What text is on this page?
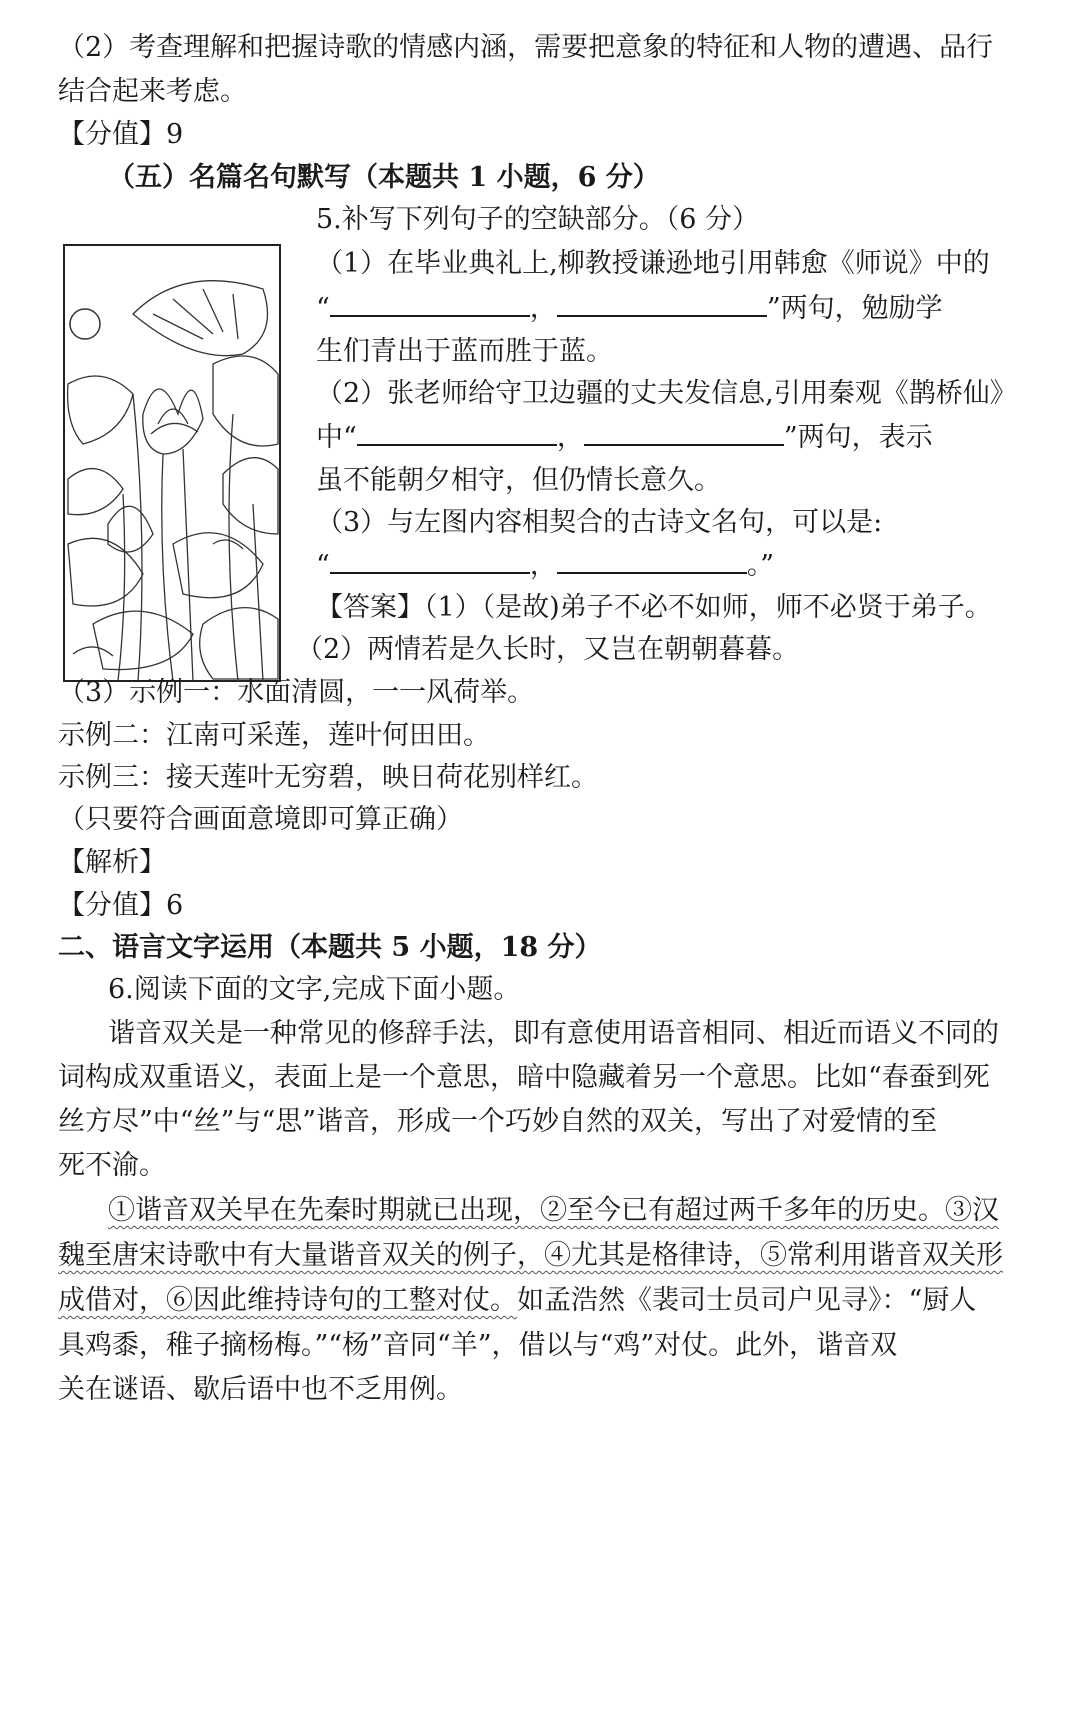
（2）考查理解和把握诗歌的情感内涵，需要把意象的特征和人物的遭遇、品行
结合起来考虑。
【分值】9
（五）名篇名句默写（本题共 1 小题，6 分）
5.补写下列句子的空缺部分。（6 分）
（1）在毕业典礼上,柳教授谦逊地引用韩愈《师说》中的
“	，	”两句，勉励学
生们青出于蓝而胜于蓝。
（2）张老师给守卫边疆的丈夫发信息,引用秦观《鹊桥仙》
中“	，	”两句，表示
虽不能朝夕相守，但仍情长意久。
（3）与左图内容相契合的古诗文名句，可以是:
“	，	。”
【答案】（1）（是故)弟子不必不如师，师不必贤于弟子。
（2）两情若是久长时，又岂在朝朝暮暮。
（3）示例一：水面清圆，一一风荷举。
示例二：江南可采莲，莲叶何田田。
示例三：接天莲叶无穷碧，映日荷花别样红。
（只要符合画面意境即可算正确）
【解析】
【分值】6
二、语言文字运用（本题共 5 小题，18 分）
6.阅读下面的文字,完成下面小题。
谐音双关是一种常见的修辞手法，即有意使用语音相同、相近而语义不同的
词构成双重语义，表面上是一个意思，暗中隐藏着另一个意思。比如“春蚕到死
丝方尽”中“丝”与“思”谐音，形成一个巧妙自然的双关，写出了对爱情的至
死不渝。
①谐音双关早在先秦时期就已出现，②至今已有超过两千多年的历史。③汉
魏至唐宋诗歌中有大量谐音双关的例子，④尤其是格律诗，⑤常利用谐音双关形
成借对，⑥因此维持诗句的工整对仗。如孟浩然《裴司士员司户见寻》：“厨人
具鸡黍，稚子摘杨梅。”“杨”音同“羊”，借以与“鸡”对仗。此外，谐音双
关在谜语、歇后语中也不乏用例。
